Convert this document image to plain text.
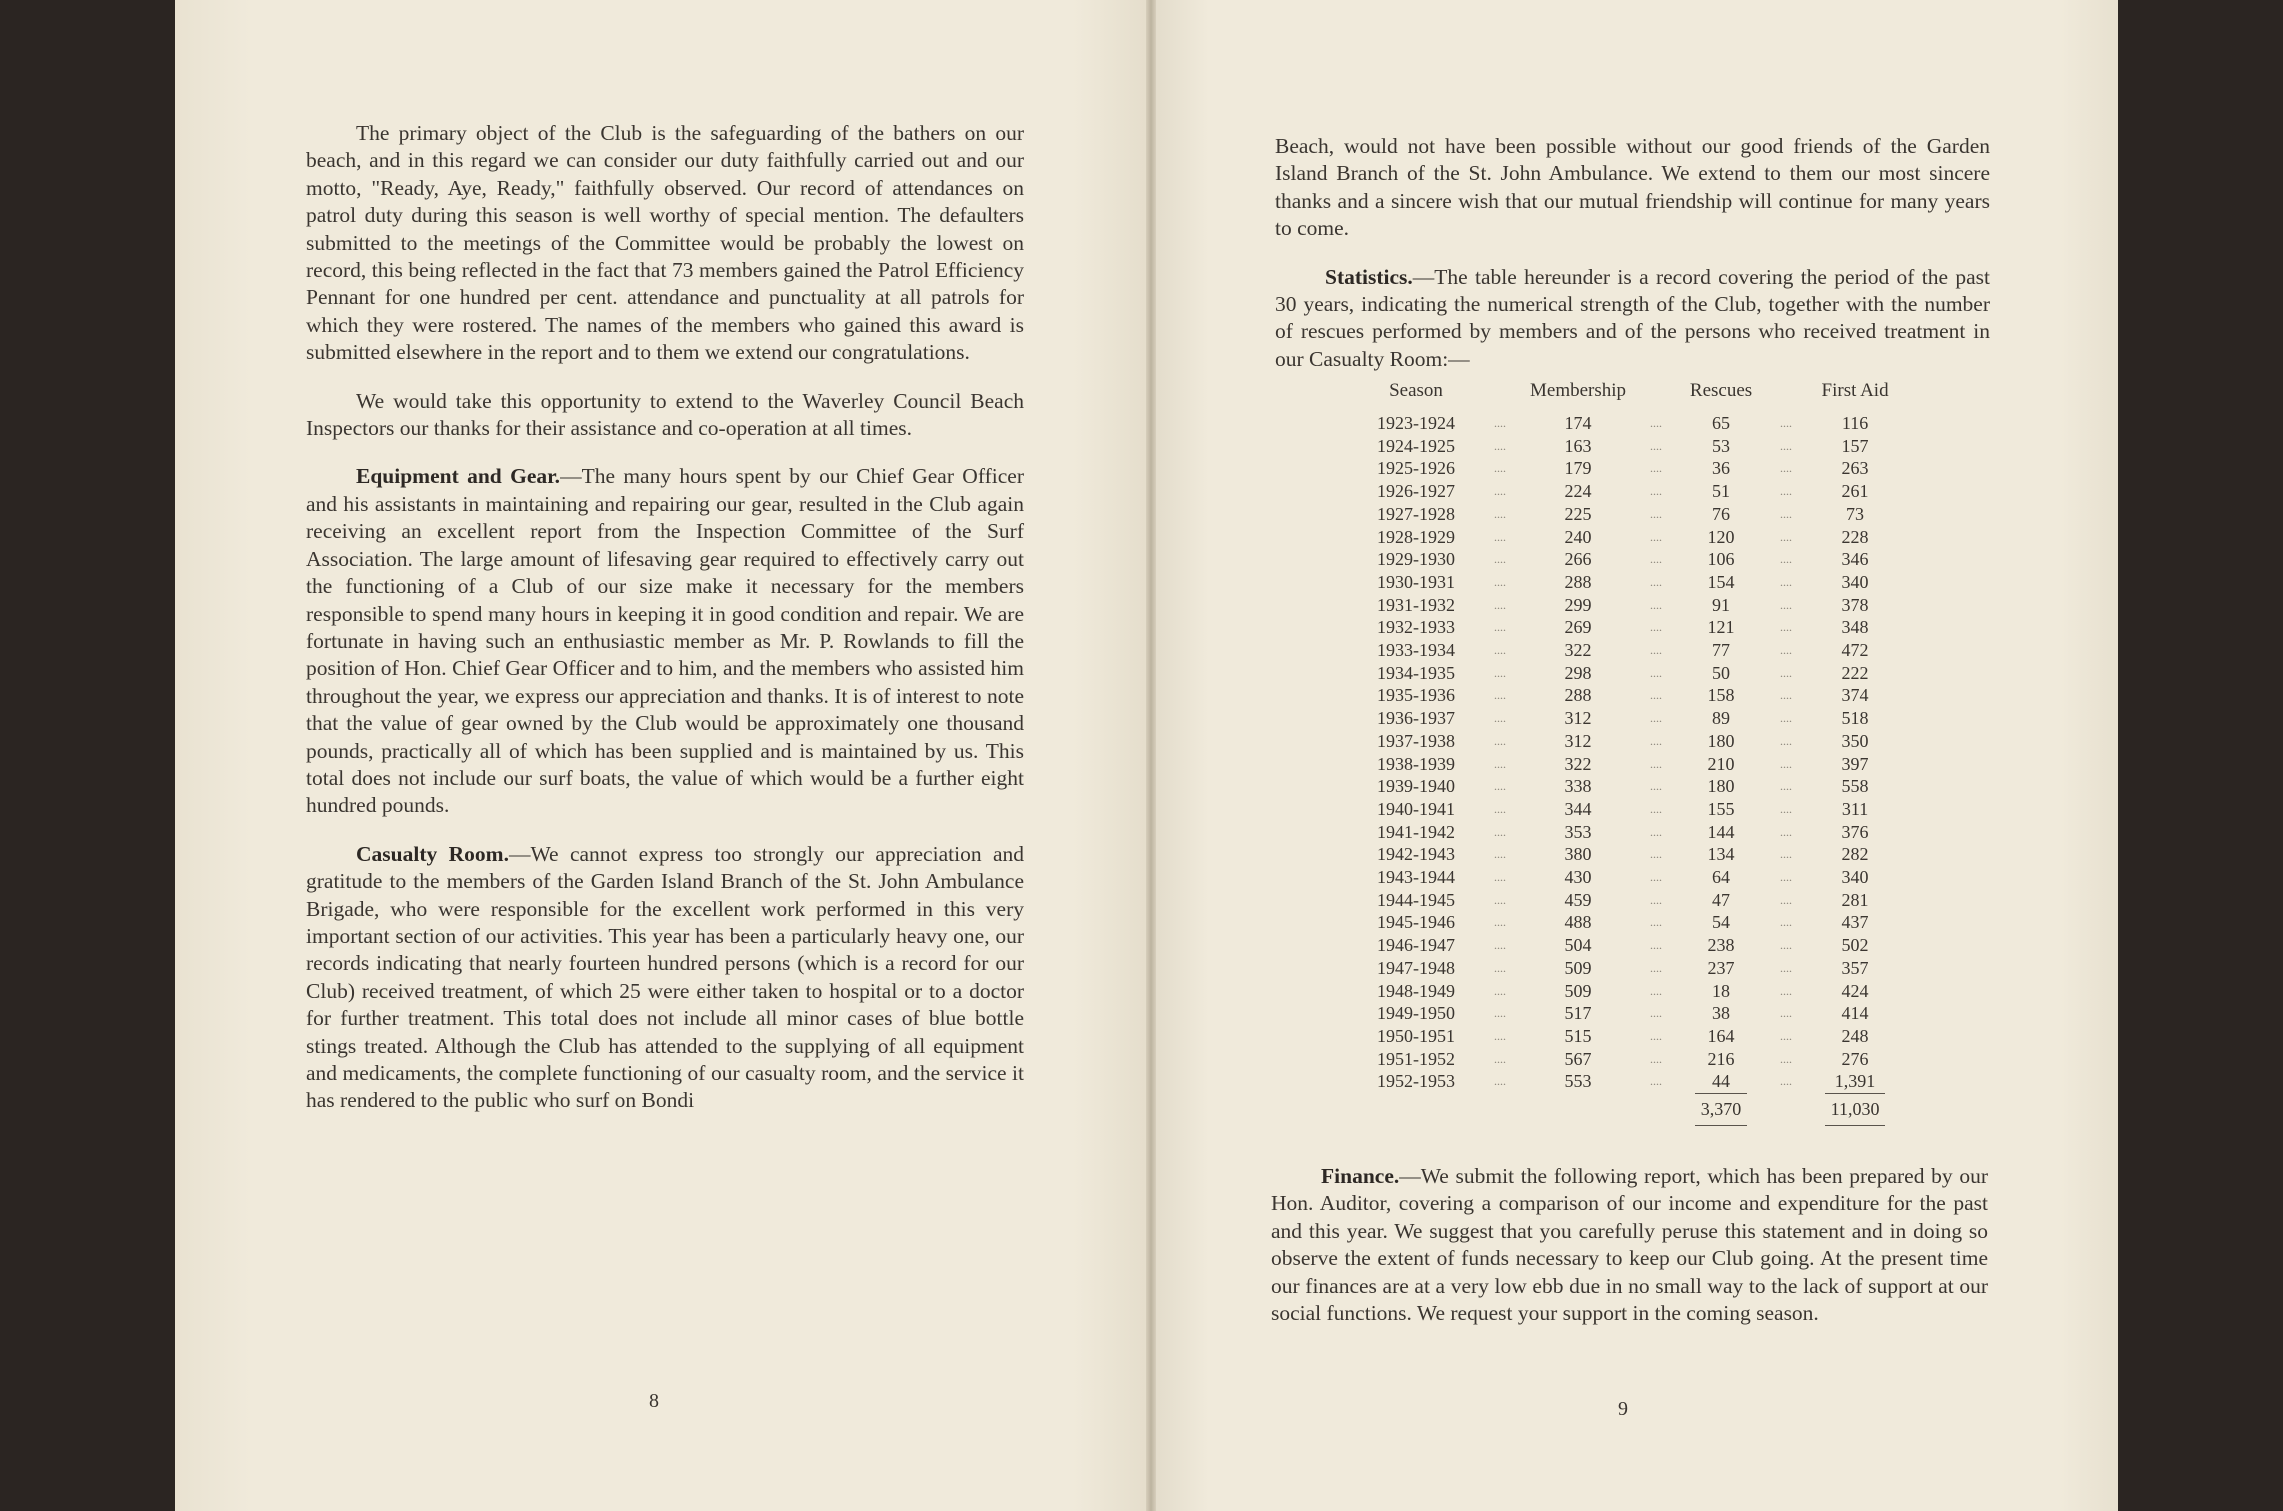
The primary object of the Club is the safeguarding of the bathers on our beach, and in this regard we can consider our duty faithfully carried out and our motto, "Ready, Aye, Ready," faithfully observed. Our record of attendances on patrol duty during this season is well worthy of special mention. The defaulters submitted to the meetings of the Committee would be probably the lowest on record, this being reflected in the fact that 73 members gained the Patrol Efficiency Pennant for one hundred per cent. attendance and punctuality at all patrols for which they were rostered. The names of the members who gained this award is submitted elsewhere in the report and to them we extend our congratulations.

We would take this opportunity to extend to the Waverley Council Beach Inspectors our thanks for their assistance and co-operation at all times.

Equipment and Gear.—The many hours spent by our Chief Gear Officer and his assistants in maintaining and repairing our gear, resulted in the Club again receiving an excellent report from the Inspection Committee of the Surf Association. The large amount of lifesaving gear required to effectively carry out the functioning of a Club of our size make it necessary for the members responsible to spend many hours in keeping it in good condition and repair. We are fortunate in having such an enthusiastic member as Mr. P. Rowlands to fill the position of Hon. Chief Gear Officer and to him, and the members who assisted him throughout the year, we express our appreciation and thanks. It is of interest to note that the value of gear owned by the Club would be approximately one thousand pounds, practically all of which has been supplied and is maintained by us. This total does not include our surf boats, the value of which would be a further eight hundred pounds.

Casualty Room.—We cannot express too strongly our appreciation and gratitude to the members of the Garden Island Branch of the St. John Ambulance Brigade, who were responsible for the excellent work performed in this very important section of our activities. This year has been a particularly heavy one, our records indicating that nearly fourteen hundred persons (which is a record for our Club) received treatment, of which 25 were either taken to hospital or to a doctor for further treatment. This total does not include all minor cases of blue bottle stings treated. Although the Club has attended to the supplying of all equipment and medicaments, the complete functioning of our casualty room, and the service it has rendered to the public who surf on Bondi

8

Beach, would not have been possible without our good friends of the Garden Island Branch of the St. John Ambulance. We extend to them our most sincere thanks and a sincere wish that our mutual friendship will continue for many years to come.

Statistics.—The table hereunder is a record covering the period of the past 30 years, indicating the numerical strength of the Club, together with the number of rescues performed by members and of the persons who received treatment in our Casualty Room:—

Season		Membership		Rescues		First Aid
1923-1924	....	174	....	65	....	116
1924-1925	....	163	....	53	....	157
1925-1926	....	179	....	36	....	263
1926-1927	....	224	....	51	....	261
1927-1928	....	225	....	76	....	73
1928-1929	....	240	....	120	....	228
1929-1930	....	266	....	106	....	346
1930-1931	....	288	....	154	....	340
1931-1932	....	299	....	91	....	378
1932-1933	....	269	....	121	....	348
1933-1934	....	322	....	77	....	472
1934-1935	....	298	....	50	....	222
1935-1936	....	288	....	158	....	374
1936-1937	....	312	....	89	....	518
1937-1938	....	312	....	180	....	350
1938-1939	....	322	....	210	....	397
1939-1940	....	338	....	180	....	558
1940-1941	....	344	....	155	....	311
1941-1942	....	353	....	144	....	376
1942-1943	....	380	....	134	....	282
1943-1944	....	430	....	64	....	340
1944-1945	....	459	....	47	....	281
1945-1946	....	488	....	54	....	437
1946-1947	....	504	....	238	....	502
1947-1948	....	509	....	237	....	357
1948-1949	....	509	....	18	....	424
1949-1950	....	517	....	38	....	414
1950-1951	....	515	....	164	....	248
1951-1952	....	567	....	216	....	276
1952-1953	....	553	....	44	....	1,391
				3,370		11,030

Finance.—We submit the following report, which has been prepared by our Hon. Auditor, covering a comparison of our income and expenditure for the past and this year. We suggest that you carefully peruse this statement and in doing so observe the extent of funds necessary to keep our Club going. At the present time our finances are at a very low ebb due in no small way to the lack of support at our social functions. We request your support in the coming season.

9
